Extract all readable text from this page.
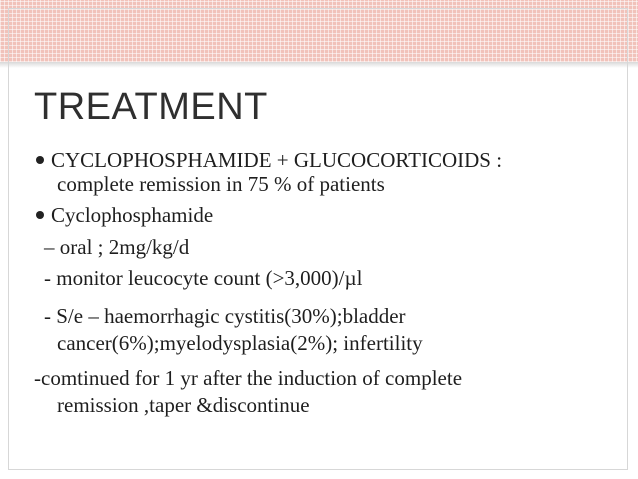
TREATMENT
CYCLOPHOSPHAMIDE + GLUCOCORTICOIDS :
complete remission in 75 % of patients
Cyclophosphamide
– oral ; 2mg/kg/d
- monitor leucocyte count (>3,000)/µl
- S/e – haemorrhagic cystitis(30%);bladder
cancer(6%);myelodysplasia(2%); infertility
-comtinued for 1 yr after the induction of complete
remission ,taper &discontinue
